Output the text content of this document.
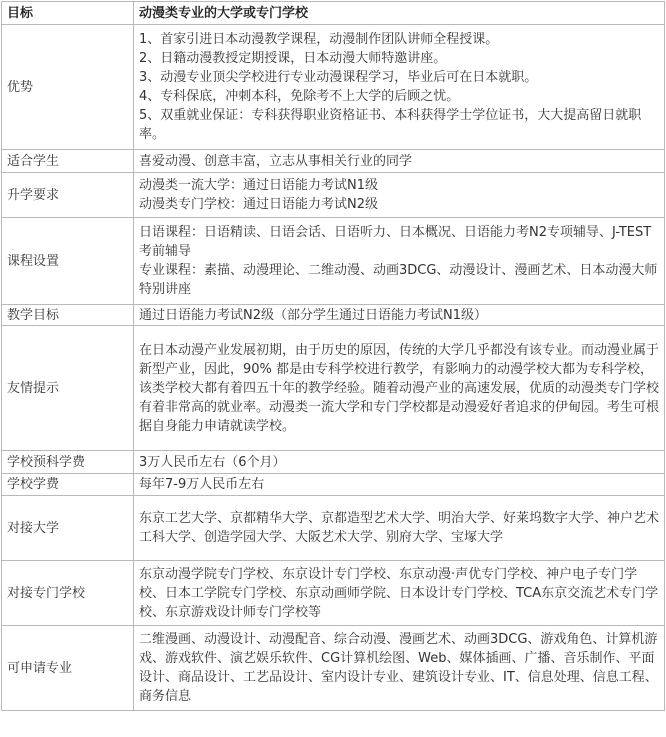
目标	动漫类专业的大学或专门学校
优势	1、首家引进日本动漫教学课程，动漫制作团队讲师全程授课。
2、日籍动漫教授定期授课，日本动漫大师特邀讲座。
3、动漫专业顶尖学校进行专业动漫课程学习，毕业后可在日本就职。
4、专科保底，冲刺本科，免除考不上大学的后顾之忧。
5、双重就业保证：专科获得职业资格证书、本科获得学士学位证书，大大提高留日就职率。

适合学生	喜爱动漫、创意丰富，立志从事相关行业的同学

升学要求	动漫类一流大学：通过日语能力考试N1级
动漫类专门学校：通过日语能力考试N2级

课程设置	日语课程：日语精读、日语会话、日语听力、日本概况、日语能力考N2专项辅导、J-TEST考前辅导
专业课程：素描、动漫理论、二维动漫、动画3DCG、动漫设计、漫画艺术、日本动漫大师特别讲座

教学目标	通过日语能力考试N2级（部分学生通过日语能力考试N1级）

友情提示	在日本动漫产业发展初期，由于历史的原因，传统的大学几乎都没有该专业。而动漫业属于新型产业，因此，90% 都是由专科学校进行教学，有影响力的动漫学校大都为专科学校，该类学校大都有着四五十年的教学经验。随着动漫产业的高速发展，优质的动漫类专门学校有着非常高的就业率。动漫类一流大学和专门学校都是动漫爱好者追求的伊甸园。考生可根据自身能力申请就读学校。

学校预科学费	3万人民币左右（6个月）

学校学费	每年7-9万人民币左右

对接大学	东京工艺大学、京都精华大学、京都造型艺术大学、明治大学、好莱坞数字大学、神户艺术工科大学、创造学园大学、大阪艺术大学、别府大学、宝塚大学

对接专门学校	东京动漫学院专门学校、东京设计专门学校、东京动漫·声优专门学校、神户电子专门学校、日本工学院专门学校、东京动画师学院、日本设计专门学校、TCA东京交流艺术专门学校、东京游戏设计师专门学校等

可申请专业	二维漫画、动漫设计、动漫配音、综合动漫、漫画艺术、动画3DCG、游戏角色、计算机游戏、游戏软件、演艺娱乐软件、CG计算机绘图、Web、媒体插画、广播、音乐制作、平面设计、商品设计、工艺品设计、室内设计专业、建筑设计专业、IT、信息处理、信息工程、商务信息
